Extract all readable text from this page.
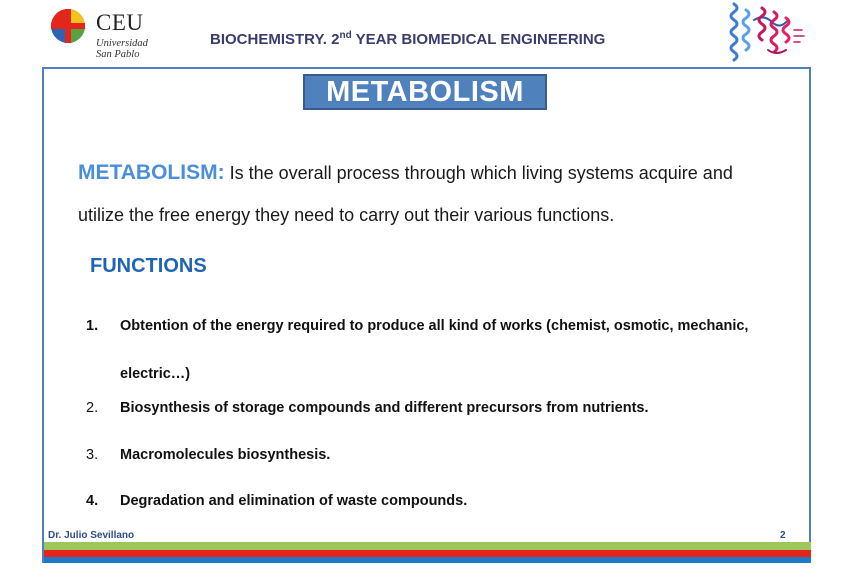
CEU
Universidad
San Pablo
BIOCHEMISTRY. 2nd YEAR BIOMEDICAL ENGINEERING
METABOLISM
METABOLISM: Is the overall process through which living systems acquire and utilize the free energy they need to carry out their various functions.
FUNCTIONS
1.	Obtention of the energy required to produce all kind of works (chemist, osmotic, mechanic, electric…)
2.	Biosynthesis of storage compounds and different precursors from nutrients.
3.	Macromolecules biosynthesis.
4.	Degradation and elimination of waste compounds.
Dr. Julio Sevillano	2
